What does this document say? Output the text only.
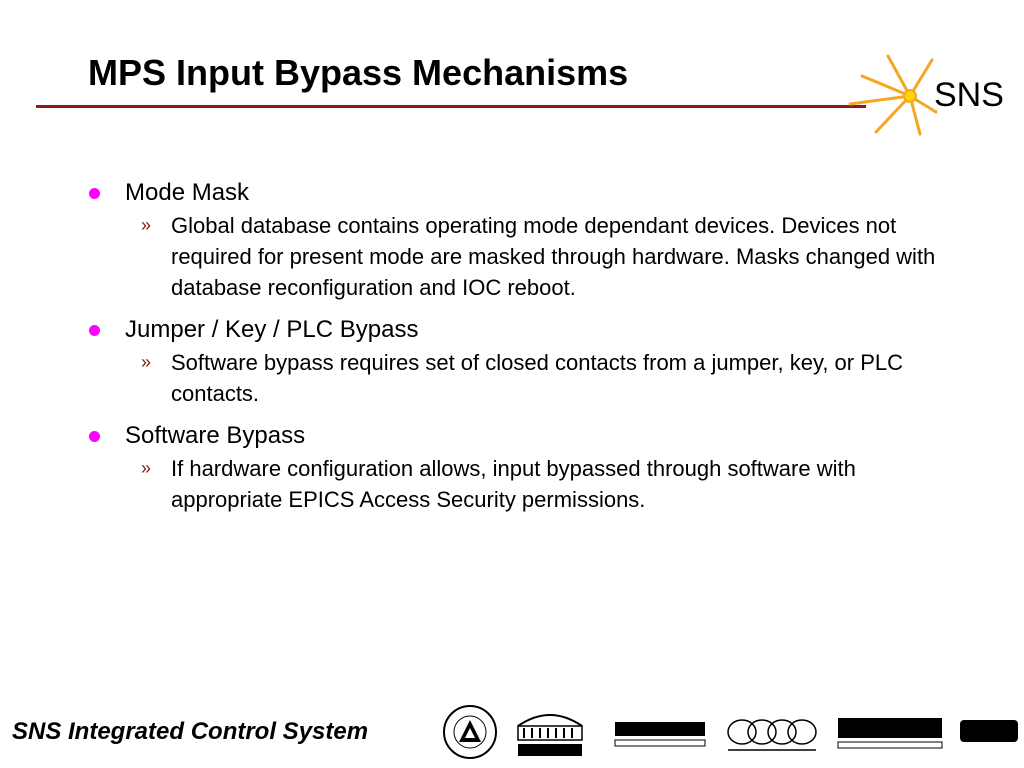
MPS Input Bypass Mechanisms
SNS
Mode Mask
» Global database contains operating mode dependant devices. Devices not required for present mode are masked through hardware. Masks changed with database reconfiguration and IOC reboot.
Jumper / Key / PLC Bypass
» Software bypass requires set of closed contacts from a jumper, key, or PLC contacts.
Software Bypass
» If hardware configuration allows, input bypassed through software with appropriate EPICS Access Security permissions.
SNS Integrated Control System
